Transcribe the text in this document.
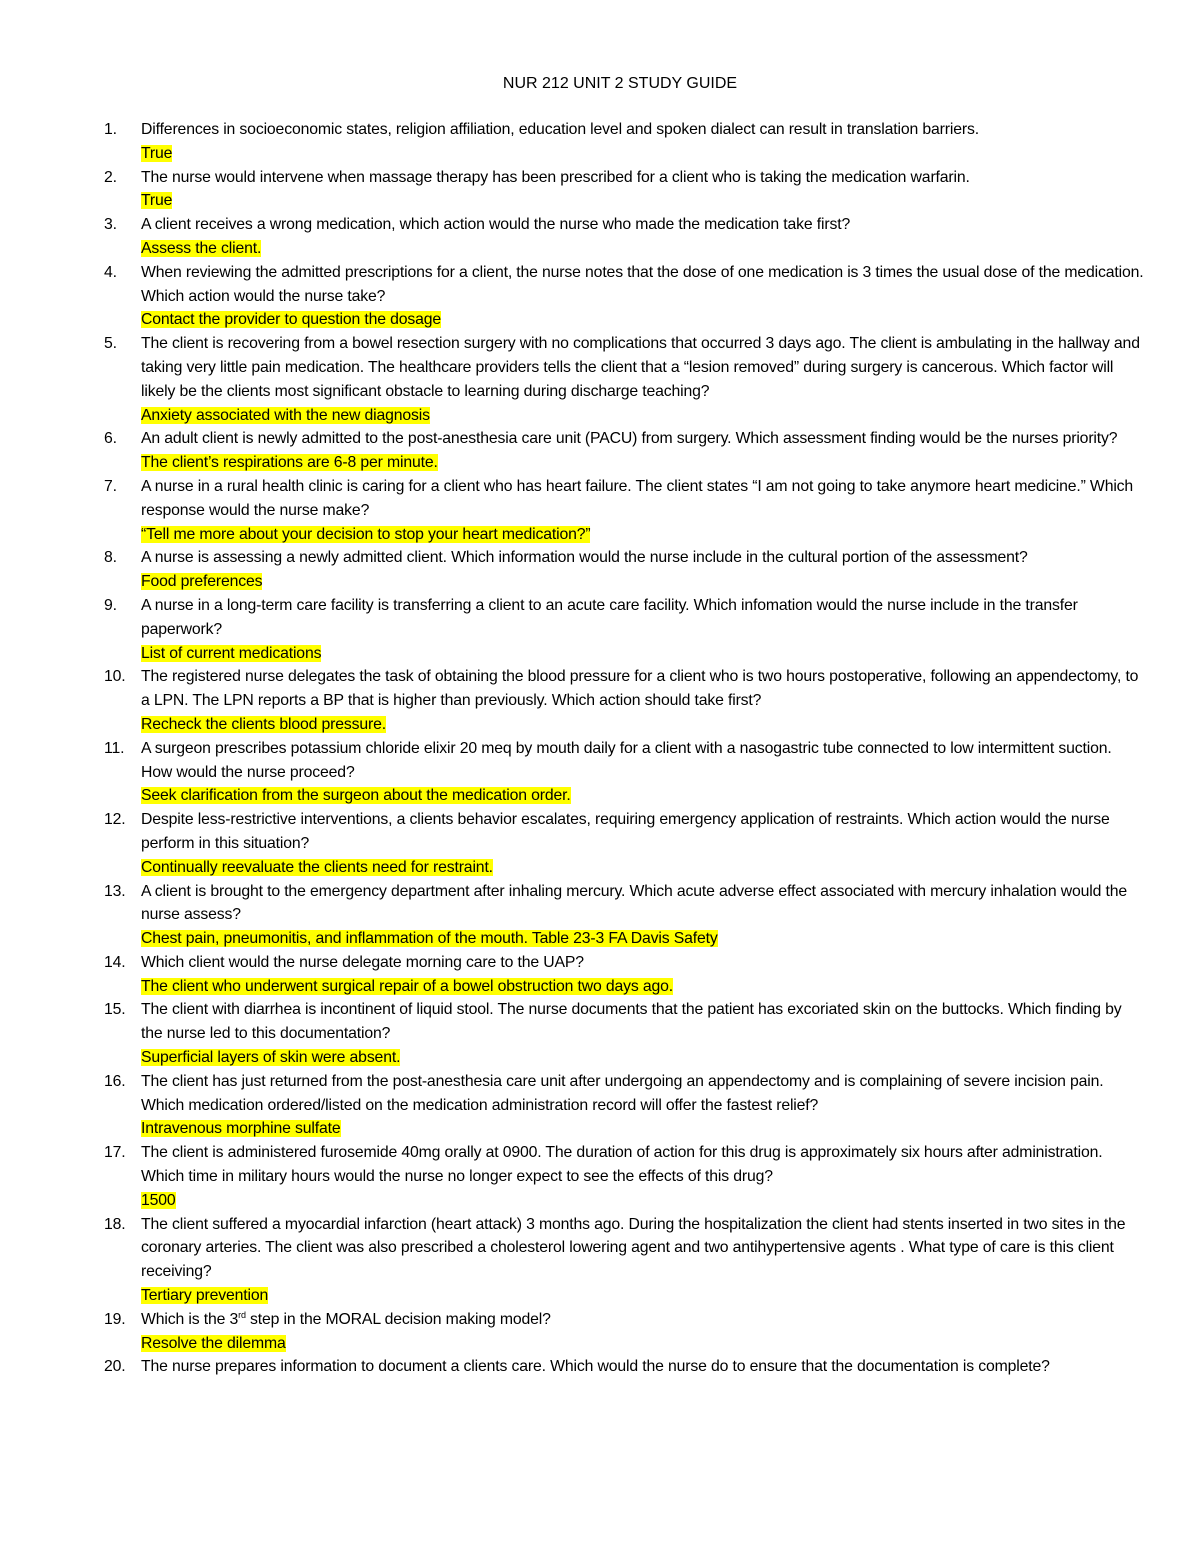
NUR 212 UNIT 2 STUDY GUIDE
1.	Differences in socioeconomic states, religion affiliation, education level and spoken dialect can result in translation barriers.
True
2.	The nurse would intervene when massage therapy has been prescribed for a client who is taking the medication warfarin.
True
3.	A client receives a wrong medication, which action would the nurse who made the medication take first?
Assess the client.
4.	When reviewing the admitted prescriptions for a client, the nurse notes that the dose of one medication is 3 times the usual dose of the medication. Which action would the nurse take?
Contact the provider to question the dosage
5.	The client is recovering from a bowel resection surgery with no complications that occurred 3 days ago. The client is ambulating in the hallway and taking very little pain medication. The healthcare providers tells the client that a “lesion removed” during surgery is cancerous. Which factor will likely be the clients most significant obstacle to learning during discharge teaching?
Anxiety associated with the new diagnosis
6.	An adult client is newly admitted to the post-anesthesia care unit (PACU) from surgery. Which assessment finding would be the nurses priority?
The client’s respirations are 6-8 per minute.
7.	A nurse in a rural health clinic is caring for a client who has heart failure. The client states “I am not going to take anymore heart medicine.” Which response would the nurse make?
“Tell me more about your decision to stop your heart medication?”
8.	A nurse is assessing a newly admitted client. Which information would the nurse include in the cultural portion of the assessment?
Food preferences
9.	A nurse in a long-term care facility is transferring a client to an acute care facility. Which infomation would the nurse include in the transfer paperwork?
List of current medications
10. The registered nurse delegates the task of obtaining the blood pressure for a client who is two hours postoperative, following an appendectomy, to a LPN. The LPN reports a BP that is higher than previously. Which action should take first?
Recheck the clients blood pressure.
11.	A surgeon prescribes potassium chloride elixir 20 meq by mouth daily for a client with a nasogastric tube connected to low intermittent suction. How would the nurse proceed?
Seek clarification from the surgeon about the medication order.
12. Despite less-restrictive interventions, a clients behavior escalates, requiring emergency application of restraints. Which action would the nurse perform in this situation?
Continually reevaluate the clients need for restraint.
13. A client is brought to the emergency department after inhaling mercury. Which acute adverse effect associated with mercury inhalation would the nurse assess?
Chest pain, pneumonitis, and inflammation of the mouth. Table 23-3 FA Davis Safety
14. Which client would the nurse delegate morning care to the UAP?
The client who underwent surgical repair of a bowel obstruction two days ago.
15. The client with diarrhea is incontinent of liquid stool. The nurse documents that the patient has excoriated skin on the buttocks. Which finding by the nurse led to this documentation?
Superficial layers of skin were absent.
16. The client has just returned from the post-anesthesia care unit after undergoing an appendectomy and is complaining of severe incision pain. Which medication ordered/listed on the medication administration record will offer the fastest relief?
Intravenous morphine sulfate
17. The client is administered furosemide 40mg orally at 0900. The duration of action for this drug is approximately six hours after administration. Which time in military hours would the nurse no longer expect to see the effects of this drug?
1500
18. The client suffered a myocardial infarction (heart attack) 3 months ago. During the hospitalization the client had stents inserted in two sites in the coronary arteries. The client was also prescribed a cholesterol lowering agent and two antihypertensive agents . What type of care is this client receiving?
Tertiary prevention
19. Which is the 3rd step in the MORAL decision making model?
Resolve the dilemma
20. The nurse prepares information to document a clients care. Which would the nurse do to ensure that the documentation is complete?
